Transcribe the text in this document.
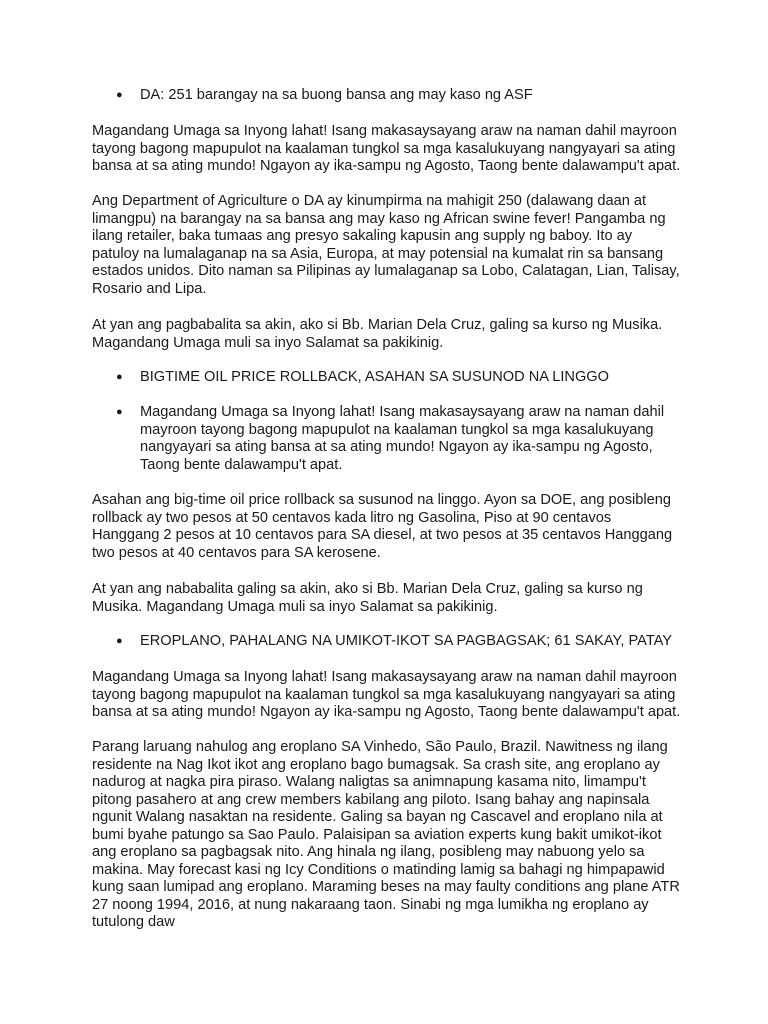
● DA: 251 barangay na sa buong bansa ang may kaso ng ASF

Magandang Umaga sa Inyong lahat! Isang makasaysayang araw na naman dahil mayroon tayong bagong mapupulot na kaalaman tungkol sa mga kasalukuyang nangyayari sa ating bansa at sa ating mundo! Ngayon ay ika-sampu ng Agosto, Taong bente dalawampu't apat.

Ang Department of Agriculture o DA ay kinumpirma na mahigit 250 (dalawang daan at limangpu) na barangay na sa bansa ang may kaso ng African swine fever! Pangamba ng ilang retailer, baka tumaas ang presyo sakaling kapusin ang supply ng baboy. Ito ay patuloy na lumalaganap na sa Asia, Europa, at may potensial na kumalat rin sa bansang estados unidos. Dito naman sa Pilipinas ay lumalaganap sa Lobo, Calatagan, Lian, Talisay, Rosario and Lipa.

At yan ang pagbabalita sa akin, ako si Bb. Marian Dela Cruz, galing sa kurso ng Musika. Magandang Umaga muli sa inyo Salamat sa pakikinig.

● BIGTIME OIL PRICE ROLLBACK, ASAHAN SA SUSUNOD NA LINGGO
● Magandang Umaga sa Inyong lahat! Isang makasaysayang araw na naman dahil mayroon tayong bagong mapupulot na kaalaman tungkol sa mga kasalukuyang nangyayari sa ating bansa at sa ating mundo! Ngayon ay ika-sampu ng Agosto, Taong bente dalawampu't apat.

Asahan ang big-time oil price rollback sa susunod na linggo. Ayon sa DOE, ang posibleng rollback ay two pesos at 50 centavos kada litro ng Gasolina, Piso at 90 centavos Hanggang 2 pesos at 10 centavos para SA diesel, at two pesos at 35 centavos Hanggang two pesos at 40 centavos para SA kerosene.

At yan ang nababalita galing sa akin, ako si Bb. Marian Dela Cruz, galing sa kurso ng Musika. Magandang Umaga muli sa inyo Salamat sa pakikinig.

● EROPLANO, PAHALANG NA UMIKOT-IKOT SA PAGBAGSAK; 61 SAKAY, PATAY

Magandang Umaga sa Inyong lahat! Isang makasaysayang araw na naman dahil mayroon tayong bagong mapupulot na kaalaman tungkol sa mga kasalukuyang nangyayari sa ating bansa at sa ating mundo! Ngayon ay ika-sampu ng Agosto, Taong bente dalawampu't apat.

Parang laruang nahulog ang eroplano SA Vinhedo, São Paulo, Brazil. Nawitness ng ilang residente na Nag Ikot ikot ang eroplano bago bumagsak. Sa crash site, ang eroplano ay nadurog at nagka pira piraso. Walang naligtas sa animnapung kasama nito, limampu't pitong pasahero at ang crew members kabilang ang piloto. Isang bahay ang napinsala ngunit Walang nasaktan na residente. Galing sa bayan ng Cascavel and eroplano nila at bumi byahe patungo sa Sao Paulo. Palaisipan sa aviation experts kung bakit umikot-ikot ang eroplano sa pagbagsak nito. Ang hinala ng ilang, posibleng may nabuong yelo sa makina. May forecast kasi ng Icy Conditions o matinding lamig sa bahagi ng himpapawid kung saan lumipad ang eroplano. Maraming beses na may faulty conditions ang plane ATR 27 noong 1994, 2016, at nung nakaraang taon. Sinabi ng mga lumikha ng eroplano ay tutulong daw
